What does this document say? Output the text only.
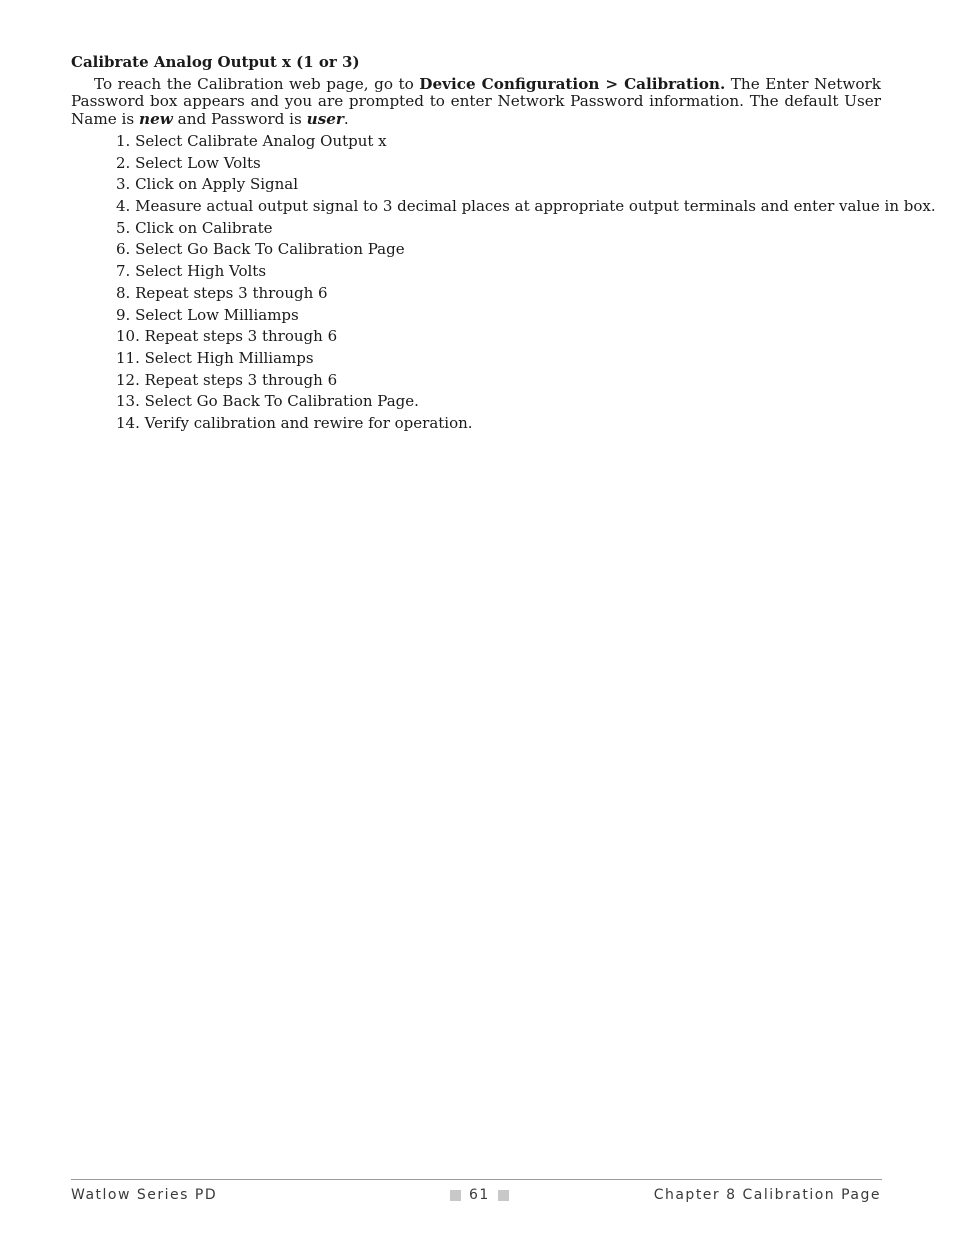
Calibrate Analog Output x (1 or 3)

To reach the Calibration web page, go to Device Configuration > Calibration. The Enter Network Password box appears and you are prompted to enter Network Password information. The default User Name is new and Password is user.

1. Select Calibrate Analog Output x
2. Select Low Volts
3. Click on Apply Signal
4. Measure actual output signal to 3 decimal places at appropriate output terminals and enter value in box.
5. Click on Calibrate
6. Select Go Back To Calibration Page
7. Select High Volts
8. Repeat steps 3 through 6
9. Select Low Milliamps
10. Repeat steps 3 through 6
11. Select High Milliamps
12. Repeat steps 3 through 6
13. Select Go Back To Calibration Page.
14. Verify calibration and rewire for operation.
Watlow Series PD	61	Chapter 8 Calibration Page
